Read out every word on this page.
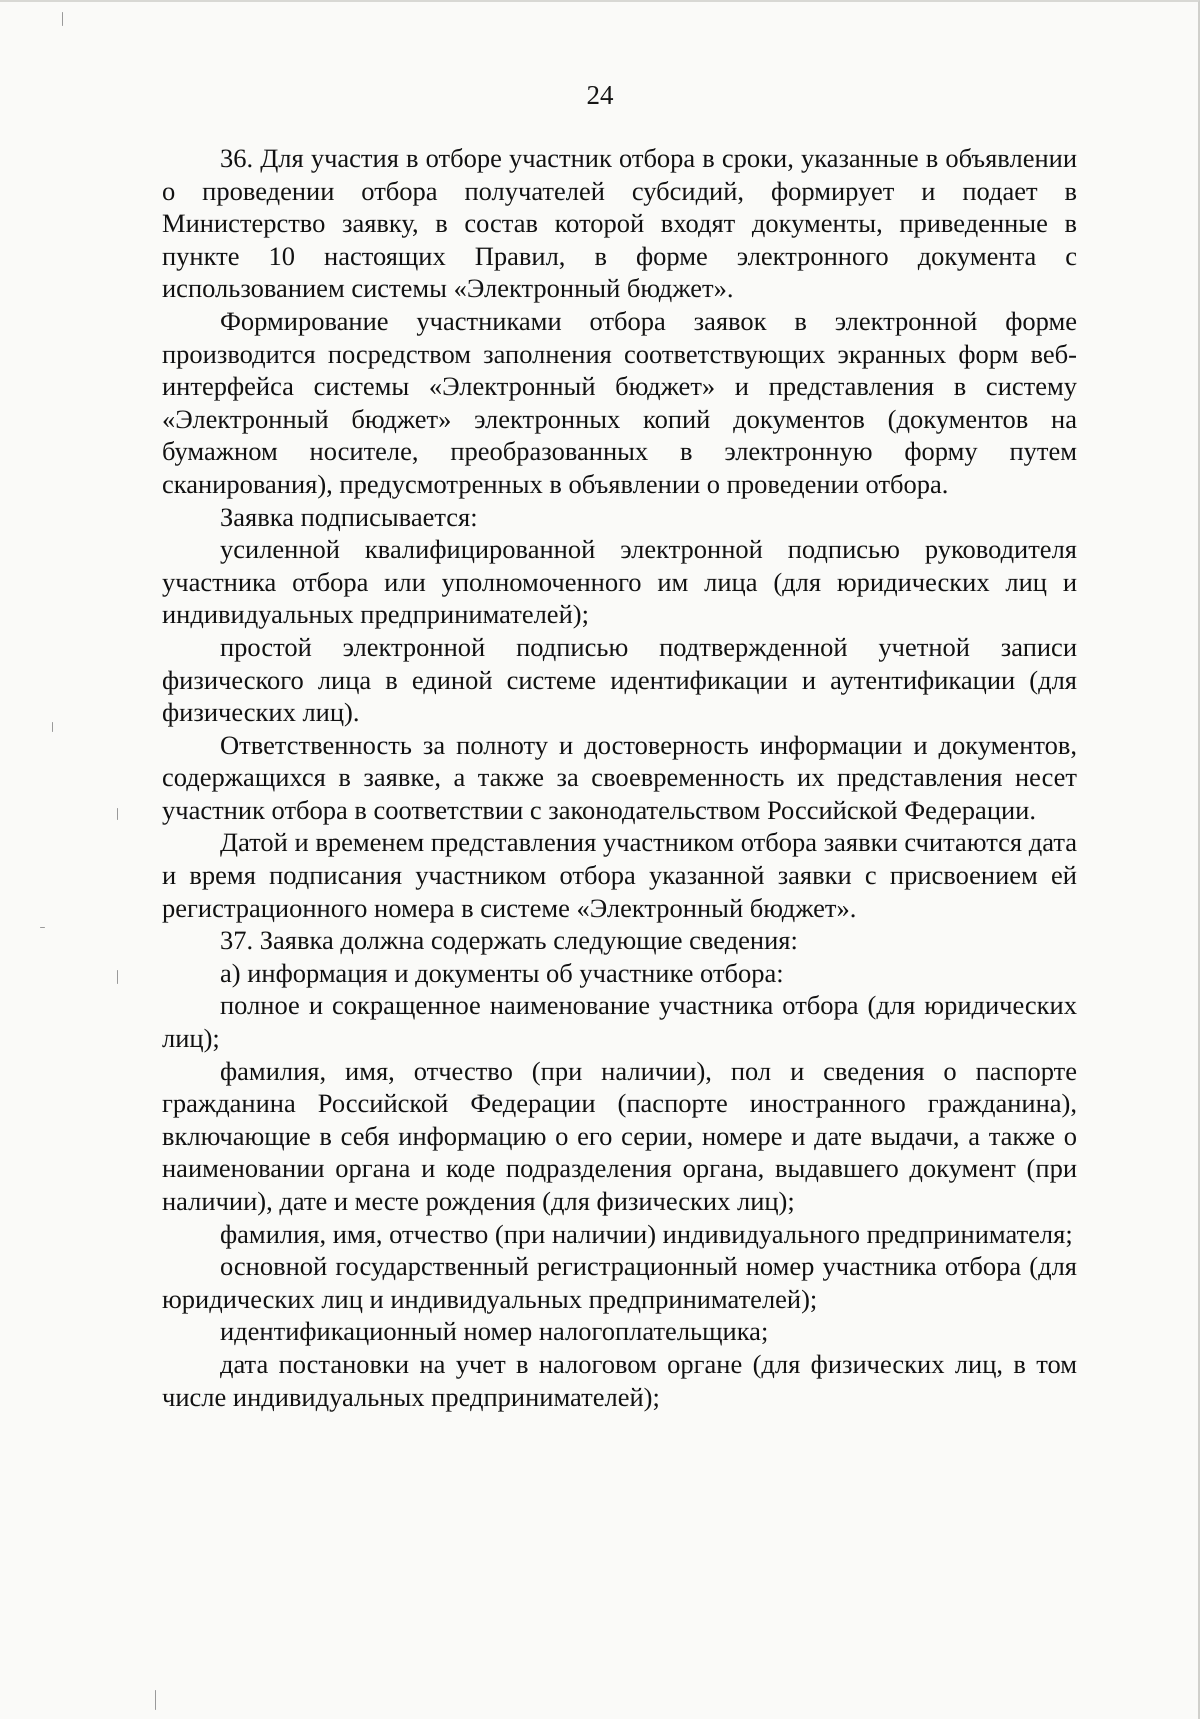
24

36. Для участия в отборе участник отбора в сроки, указанные в объявлении о проведении отбора получателей субсидий, формирует и подает в Министерство заявку, в состав которой входят документы, приведенные в пункте 10 настоящих Правил, в форме электронного документа с использованием системы «Электронный бюджет».

Формирование участниками отбора заявок в электронной форме производится посредством заполнения соответствующих экранных форм веб-интерфейса системы «Электронный бюджет» и представления в систему «Электронный бюджет» электронных копий документов (документов на бумажном носителе, преобразованных в электронную форму путем сканирования), предусмотренных в объявлении о проведении отбора.

Заявка подписывается:

усиленной квалифицированной электронной подписью руководителя участника отбора или уполномоченного им лица (для юридических лиц и индивидуальных предпринимателей);

простой электронной подписью подтвержденной учетной записи физического лица в единой системе идентификации и аутентификации (для физических лиц).

Ответственность за полноту и достоверность информации и документов, содержащихся в заявке, а также за своевременность их представления несет участник отбора в соответствии с законодательством Российской Федерации.

Датой и временем представления участником отбора заявки считаются дата и время подписания участником отбора указанной заявки с присвоением ей регистрационного номера в системе «Электронный бюджет».

37. Заявка должна содержать следующие сведения:

а) информация и документы об участнике отбора:

полное и сокращенное наименование участника отбора (для юридических лиц);

фамилия, имя, отчество (при наличии), пол и сведения о паспорте гражданина Российской Федерации (паспорте иностранного гражданина), включающие в себя информацию о его серии, номере и дате выдачи, а также о наименовании органа и коде подразделения органа, выдавшего документ (при наличии), дате и месте рождения (для физических лиц);

фамилия, имя, отчество (при наличии) индивидуального предпринимателя;

основной государственный регистрационный номер участника отбора (для юридических лиц и индивидуальных предпринимателей);

идентификационный номер налогоплательщика;

дата постановки на учет в налоговом органе (для физических лиц, в том числе индивидуальных предпринимателей);
